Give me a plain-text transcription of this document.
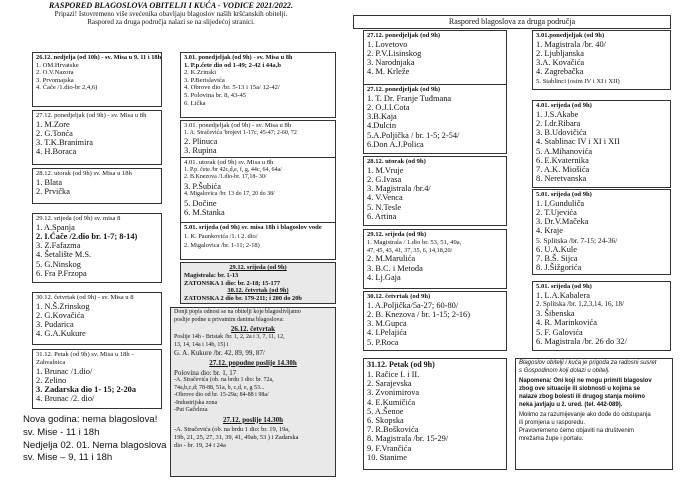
RASPORED BLAGOSLOVA OBITELJI I KUĆA - VODICE 2021/2022.
Pripazi! Istovremeno više svećenika obavljaju blagoslov naših kršćanskih obitelji.
Raspored za druga područja nalazi se na slijedećoj stranici.
26.12. nedjelja (od 10h) - sv. Misa u 9, 11 i 18h
1. OM.Hrvatske
2. O.V.Nazora
3. Prvomajska
4. Ćače /1.dio-br 2,4,6)
3.01. ponedjeljak (od 9h) - sv. Misa u 8h
1. P.p.čete dio od 1-49; 2-42 i 44a,b
2. K.Zrinski
3. P.Berislavića
4. Obrove dio /br. 5-13 i 15a/ 12-42/
5. Polovina br. 8, 43-45
6. Lička
27.12. ponedjeljak (od 9h) - sv. Misa u 8h
1. M.Zore
2. G.Tonća
3. T.K.Branimira
4. H.Boraca
3.01. ponedjeljak (od 9h) - sv. Misa u 8h
1. A. Stračevića 'brojevi 1-17c, 45-47; 2-60, 72
2. Plinuca
3. Rupina
28.12. utorak (od 9h) sv. Misa u 18h
1. Blata
2. Prvička
4.01. utorak (od 9h) sv. Misa u 8h
1. P.p. čete /br 42c,d,e, f, g, 44c, 64, 64a/
2. B.Knezova /1.dio-br. 17,18- 30/
3. P.Šubića
4. Migalovica /br. 13 do 17, 20 do 38/
5. Dočine
6. M.Stanka
29.12. srijeda (od 9h) sv. misa 8
1. A.Spanja
2. I.Ćače /2.dio br. 1-7; 8-14)
3. Z.Fafazma
4. Šetalište M.S.
5. G.Ninskog
6. Fra P.Frzopa
5.01. srijeda (od 9h) sv. misa 18h i blagoslov vode
1. K. Paunkovića /1. i 2. dio/
2. Migalovica /br. 1-11; 2-18)
29.12. srijeda (od 9h)
Magistrala: br. 1-13
ZATONSKA 1 dio: br. 2-18; 15-177
30.12. četvrtak (od 9h)
ZATONSKA 2 dio br. 179-211; i 200 do 20b
30.12. četvrtak (od 9h) - sv. Misa u 8
1. N.Š.Zrinskog
2. G.Kovačića
3. Pudarica
4. G.A.Kukure
Donji popis odnosi se na obitelji koje blagoslivljamo
poslije podne u privatnim danima blagoslova:
26.12. četvrtak
Poslije 14h - Bristak /br. 1, 2, 2a i 3, 7, 11, 12,
13, 14, 14a i 14b, 15) i
G. A. Kukure /br. 42, 89, 99, 87/
27.12. popodne poslije 14.30h
Polovina dio: br. 1, 17
-A. Stračevića (ob. na brdu 1 dio: br. 72a,
74a,b,c,d; 78-88, 51a, b, c,d, e, g 53...
-Obrove dio od br. 15-29a; 84-88 i 98a/
-Industrijska zona
-Put Gačeleza
27.12. poslije 14.30h
-A. Stračevića (ob. na brdu 1 dio: br. 19, 19a,
19b, 21, 25, 27, 31, 39, 41, 49ab, 53 ) i Zadarska
dio - br. 19, 24 i 24a
31.12. Petak (od 9h) sv. Misa u 18h - Zahvalnica
1. Brunac /1.dio/
2. Zelino
3. Zadarska dio 1- 15; 2-20a
4. Brunac /2. dio/
Nova godina: nema blagoslova!
sv. Mise - 11 i 18h
Nedjelja 02. 01. Nema blagoslova
sv. Mise – 9, 11 i 18h
Raspored blagoslova za druga područja
27.12. ponedjeljak (od 9h)
1. Lovetovo
2. P.V.Lisinskog
3. Narodnjaka
4. M. Krleže
3.01.ponedjeljak (od 9h)
1. Magistrala /br. 40/
2. Ljubljanska
3.A. Kovačića
4. Zagrebačka
5. Stablinci (osim IV i XI i XII)
27.12. ponedjeljak (od 9h)
1. T. Dr. Franje Tuđmana
2. O.J.I.Cota
3.B.Kaja
4.Dulcin
5.A.Poljička / br. 1-5; 2-54/
6.Don A.J.Polica
4.01. srijeda (od 9h)
1. J.S.Akabe
2. I.dr.Ribara
3. B.Udovičića
4. Stablinac IV i XI i XII
5. A.Mihanovića
6. E.Kvaternika
7. A.K. Miošića
8. Neretvanska
28.12. utorak (od 9h)
1. M.Vruje
2. G.Ivasa
3. Magistrala /br.4/
4. V.Venca
5. N.Tesle
6. Artina
5.01. srijeda (od 9h)
1. I.Gunduliča
2. T.Ujevića
3. Dr.V.Mačeka
4. Kraje
5. Splitska /br. 7-15; 24-36/
6. U.A.Kule
7. B.Š. Sijca
8. J.Šižgorića
29.12. srijeda (od 9h)
1. Magistrala / 1.dio br. 53, 51, 49a,
47, 45, 43, 41, 37, 35, 6, 14,18,20/
2. M.Marulića
3. B.C. i Metoda
4. Lj.Gaja
5.01. srijeda (od 9h)
1. L.A.Kabalera
2. Splitska /br. 1,2,3,14, 16, 18/
3. Šibenska
4. R. Marinkovića
5. F. Galovića
6. Magistrala /br. 26 do 32/
30.12. četvrtak (od 9h)
1. A.Poljička/5a-27; 60-80/
2. B. Knezova / br. 1-15; 2-16)
3. M.Gupca
4. I.Pelajića
5. P.Roca
31.12. Petak (od 9h)
1. Račice I. i II.
2. Sarajevska
3. Zvonimirova
4. E.Kumičića
5. A.Šenoe
6. Skopska
7. R.Boškovića
8. Magistrala /br. 15-29/
9. F.Vrančića
10. Stanime
Blagoslov obitelji i kuća je prigoda za radosni susret
s Gospodinom koji dolazi u obitelj.
Napomena: Oni koji ne mogu primiti blagoslov
zbog ove situacije ili slobnosti u kojima se
nalaze zbog bolesti ili drugog stanja molimo
neka javljaju u ž. ured. (tel. 442-089).
Molimo za razumijevanje ako dođe do odstupanja
ili promjena u rasporedu.
Pravovremeno ćemo objaviti na društvenim
mrežama župe i portalu.
